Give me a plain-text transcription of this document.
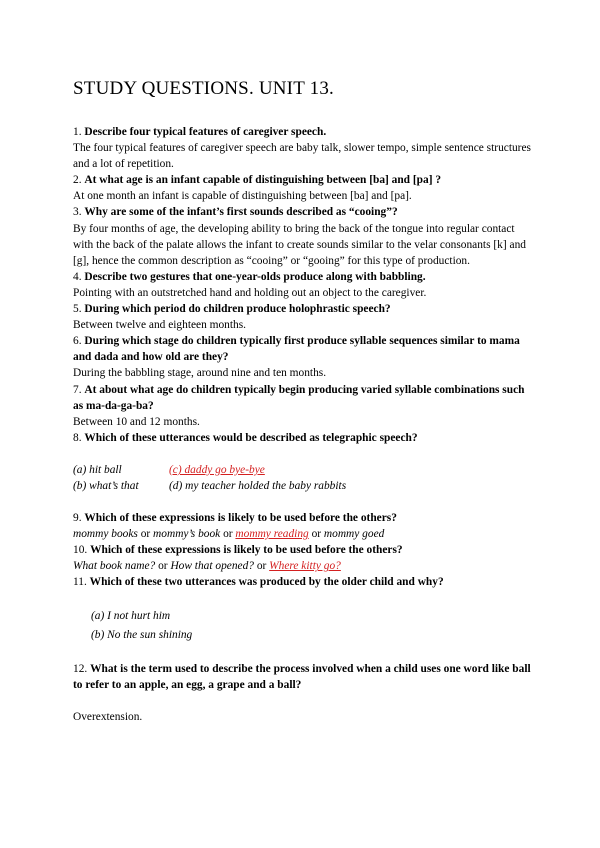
STUDY QUESTIONS. UNIT 13.

1. Describe four typical features of caregiver speech.

The four typical features of caregiver speech are baby talk, slower tempo, simple sentence structures and a lot of repetition.

2. At what age is an infant capable of distinguishing between [ba] and [pa] ?

At one month an infant is capable of distinguishing between [ba] and [pa].

3. Why are some of the infant’s first sounds described as “cooing”?

By four months of age, the developing ability to bring the back of the tongue into regular contact with the back of the palate allows the infant to create sounds similar to the velar consonants [k] and [g], hence the common description as “cooing” or “gooing” for this type of production.

4. Describe two gestures that one-year-olds produce along with babbling.

Pointing with an outstretched hand and holding out an object to the caregiver.

5. During which period do children produce holophrastic speech?

Between twelve and eighteen months.

6. During which stage do children typically first produce syllable sequences similar to mama and dada and how old are they?

During the babbling stage, around nine and ten months.

7. At about what age do children typically begin producing varied syllable combinations such as ma-da-ga-ba?

Between 10 and 12 months.

8. Which of these utterances would be described as telegraphic speech?

(a) hit ball	(c) daddy go bye-bye
(b) what’s that	(d) my teacher holded the baby rabbits

9. Which of these expressions is likely to be used before the others?

mommy books or mommy’s book or mommy reading or mommy goed

10. Which of these expressions is likely to be used before the others?

What book name? or How that opened? or Where kitty go?

11. Which of these two utterances was produced by the older child and why?

(a) I not hurt him
(b) No the sun shining

12. What is the term used to describe the process involved when a child uses one word like ball to refer to an apple, an egg, a grape and a ball?

Overextension.
